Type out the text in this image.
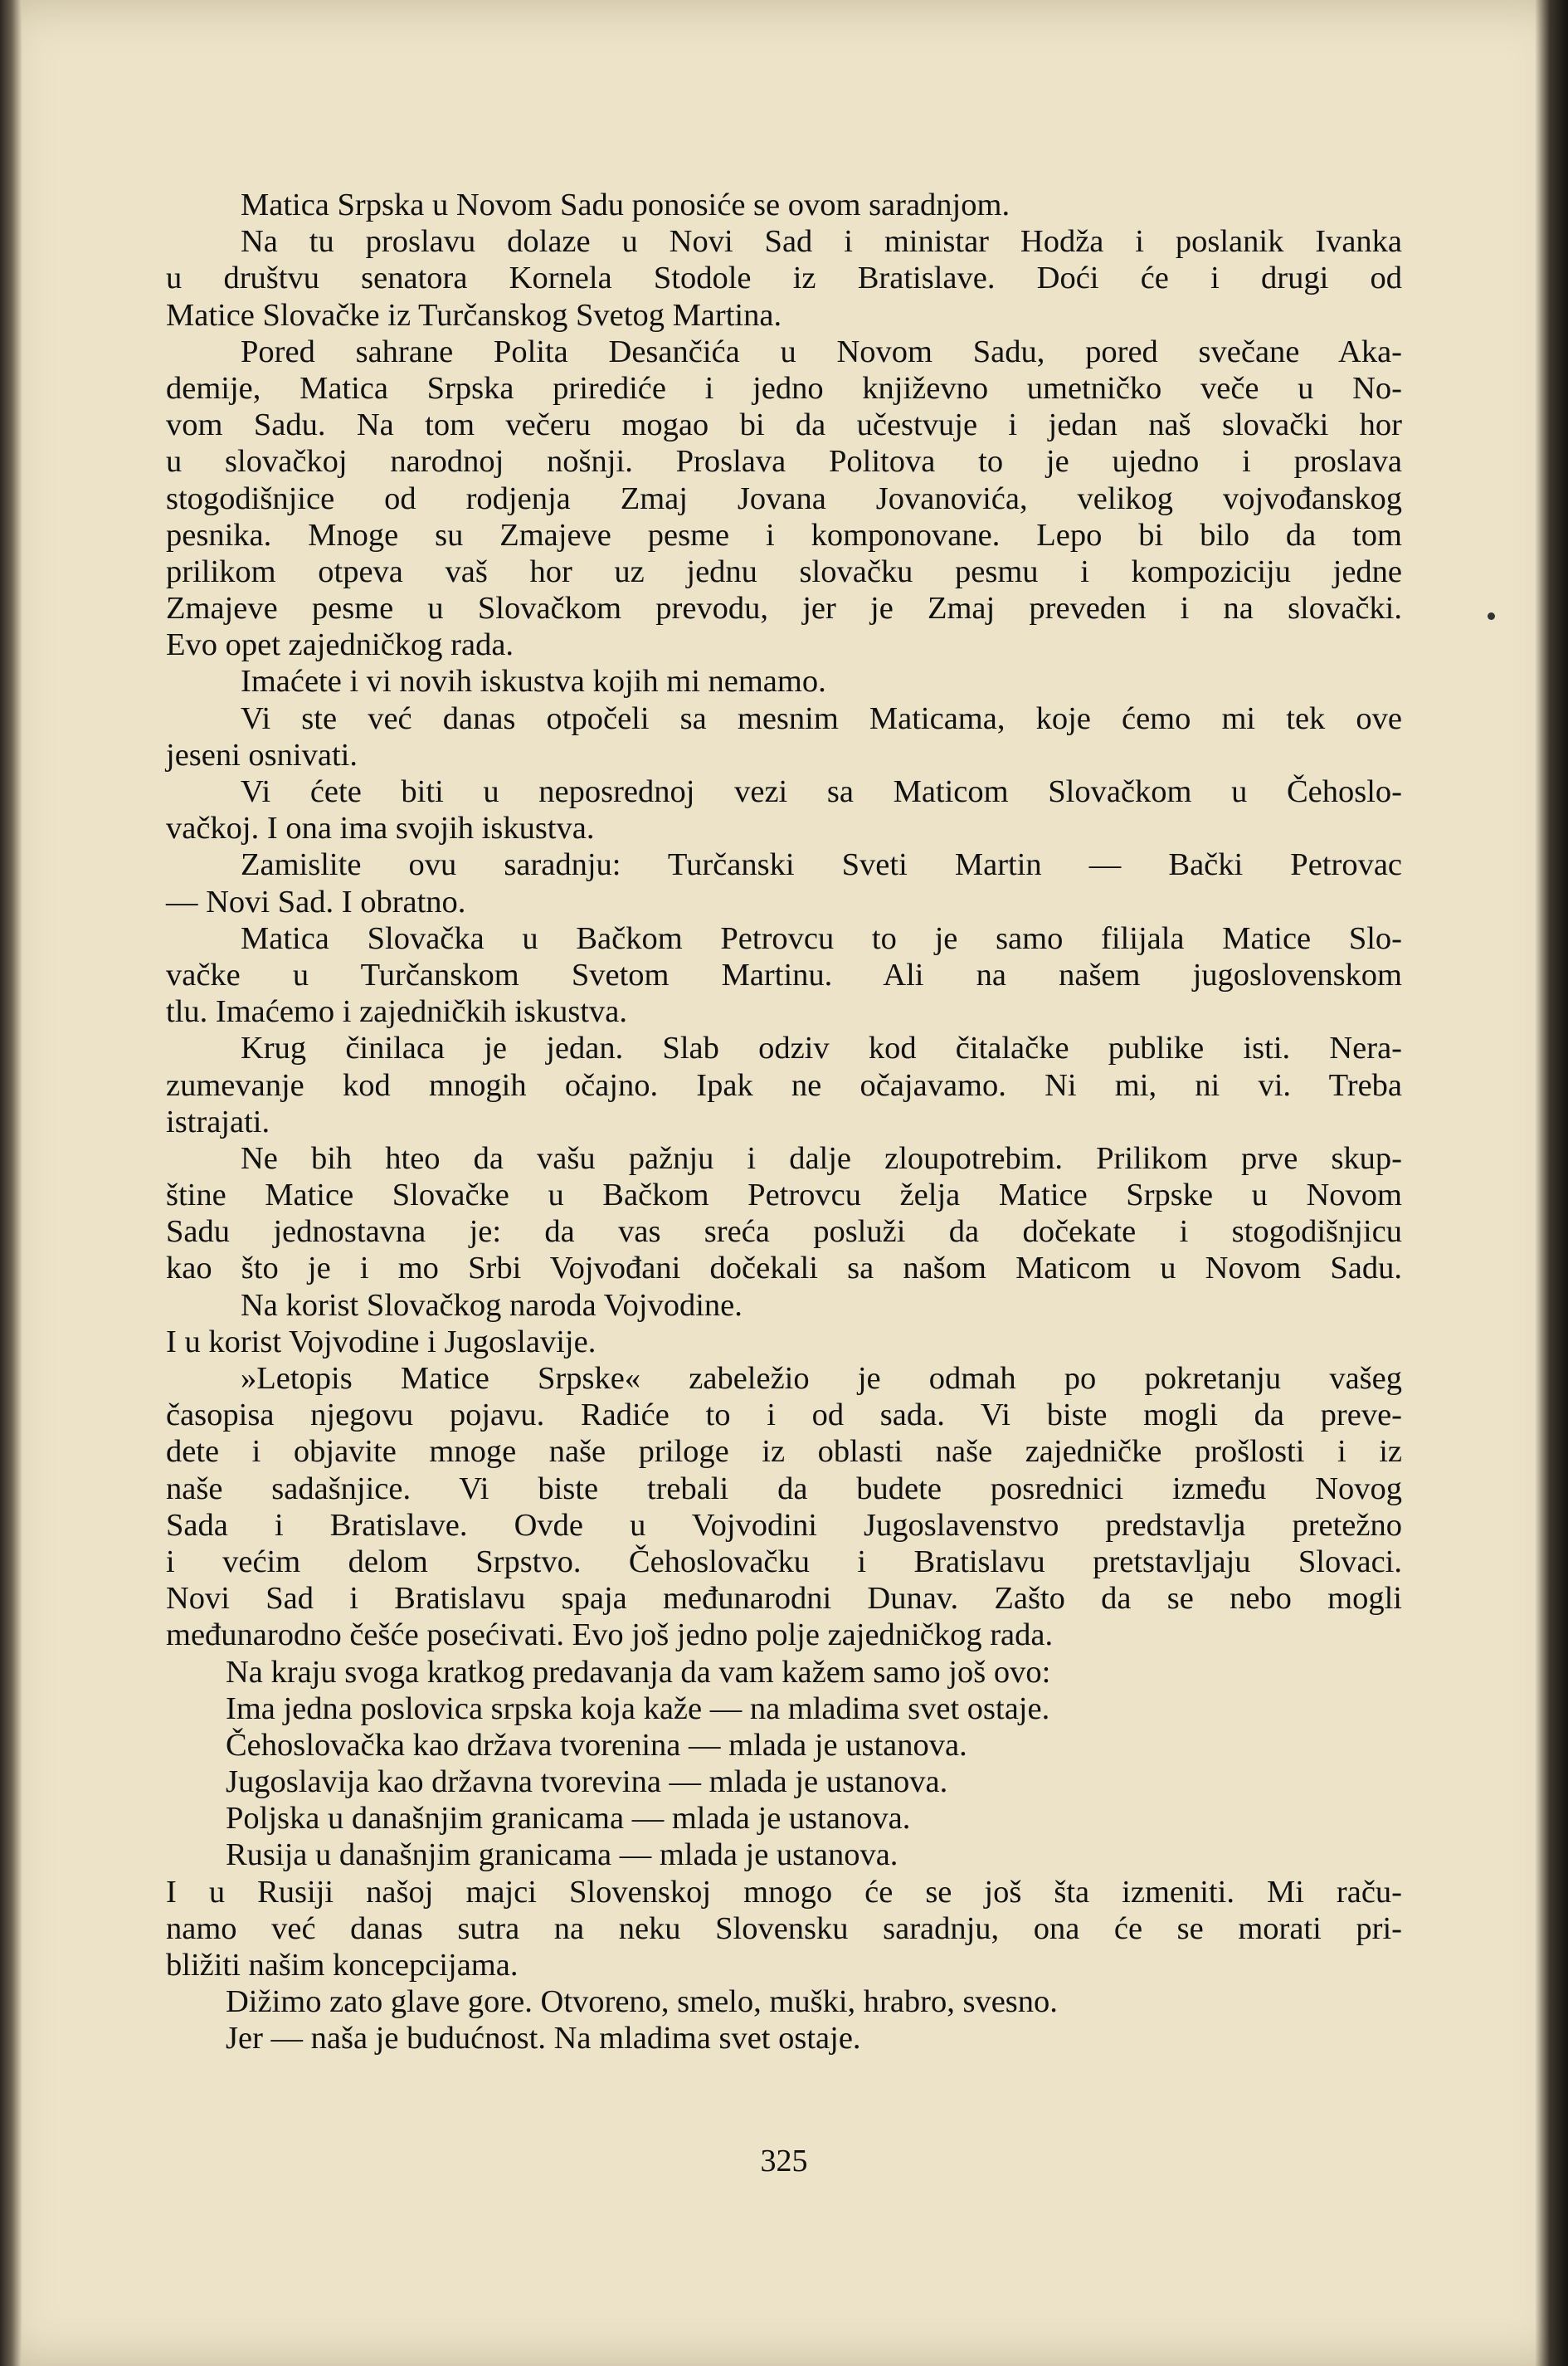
Matica Srpska u Novom Sadu ponosiće se ovom saradnjom.
Na tu proslavu dolaze u Novi Sad i ministar Hodža i poslanik Ivanka
u društvu senatora Kornela Stodole iz Bratislave. Doći će i drugi od
Matice Slovačke iz Turčanskog Svetog Martina.
Pored sahrane Polita Desančića u Novom Sadu, pored svečane Aka-
demije, Matica Srpska prirediće i jedno književno umetničko veče u No-
vom Sadu. Na tom večeru mogao bi da učestvuje i jedan naš slovački hor
u slovačkoj narodnoj nošnji. Proslava Politova to je ujedno i proslava
stogodišnjice od rodjenja Zmaj Jovana Jovanovića, velikog vojvođanskog
pesnika. Mnoge su Zmajeve pesme i komponovane. Lepo bi bilo da tom
prilikom otpeva vaš hor uz jednu slovačku pesmu i kompoziciju jedne
Zmajeve pesme u Slovačkom prevodu, jer je Zmaj preveden i na slovački.
Evo opet zajedničkog rada.
Imaćete i vi novih iskustva kojih mi nemamo.
Vi ste već danas otpočeli sa mesnim Maticama, koje ćemo mi tek ove
jeseni osnivati.
Vi ćete biti u neposrednoj vezi sa Maticom Slovačkom u Čehoslo-
vačkoj. I ona ima svojih iskustva.
Zamislite ovu saradnju: Turčanski Sveti Martin — Bački Petrovac
— Novi Sad. I obratno.
Matica Slovačka u Bačkom Petrovcu to je samo filijala Matice Slo-
vačke u Turčanskom Svetom Martinu. Ali na našem jugoslovenskom
tlu. Imaćemo i zajedničkih iskustva.
Krug činilaca je jedan. Slab odziv kod čitalačke publike isti. Nera-
zumevanje kod mnogih očajno. Ipak ne očajavamo. Ni mi, ni vi. Treba
istrajati.
Ne bih hteo da vašu pažnju i dalje zloupotrebim. Prilikom prve skup-
štine Matice Slovačke u Bačkom Petrovcu želja Matice Srpske u Novom
Sadu jednostavna je: da vas sreća posluži da dočekate i stogodišnjicu
kao što je i mo Srbi Vojvođani dočekali sa našom Maticom u Novom Sadu.
Na korist Slovačkog naroda Vojvodine.
I u korist Vojvodine i Jugoslavije.
»Letopis Matice Srpske« zabeležio je odmah po pokretanju vašeg
časopisa njegovu pojavu. Radiće to i od sada. Vi biste mogli da preve-
dete i objavite mnoge naše priloge iz oblasti naše zajedničke prošlosti i iz
naše sadašnjice. Vi biste trebali da budete posrednici između Novog
Sada i Bratislave. Ovde u Vojvodini Jugoslavenstvo predstavlja pretežno
i većim delom Srpstvo. Čehoslovačku i Bratislavu pretstavljaju Slovaci.
Novi Sad i Bratislavu spaja međunarodni Dunav. Zašto da se nebo mogli
međunarodno češće posećivati. Evo još jedno polje zajedničkog rada.
Na kraju svoga kratkog predavanja da vam kažem samo još ovo:
Ima jedna poslovica srpska koja kaže — na mladima svet ostaje.
Čehoslovačka kao država tvorenina — mlada je ustanova.
Jugoslavija kao državna tvorevina — mlada je ustanova.
Poljska u današnjim granicama — mlada je ustanova.
Rusija u današnjim granicama — mlada je ustanova.
I u Rusiji našoj majci Slovenskoj mnogo će se još šta izmeniti. Mi raču-
namo već danas sutra na neku Slovensku saradnju, ona će se morati pri-
bližiti našim koncepcijama.
Dižimo zato glave gore. Otvoreno, smelo, muški, hrabro, svesno.
Jer — naša je budućnost. Na mladima svet ostaje.
325
